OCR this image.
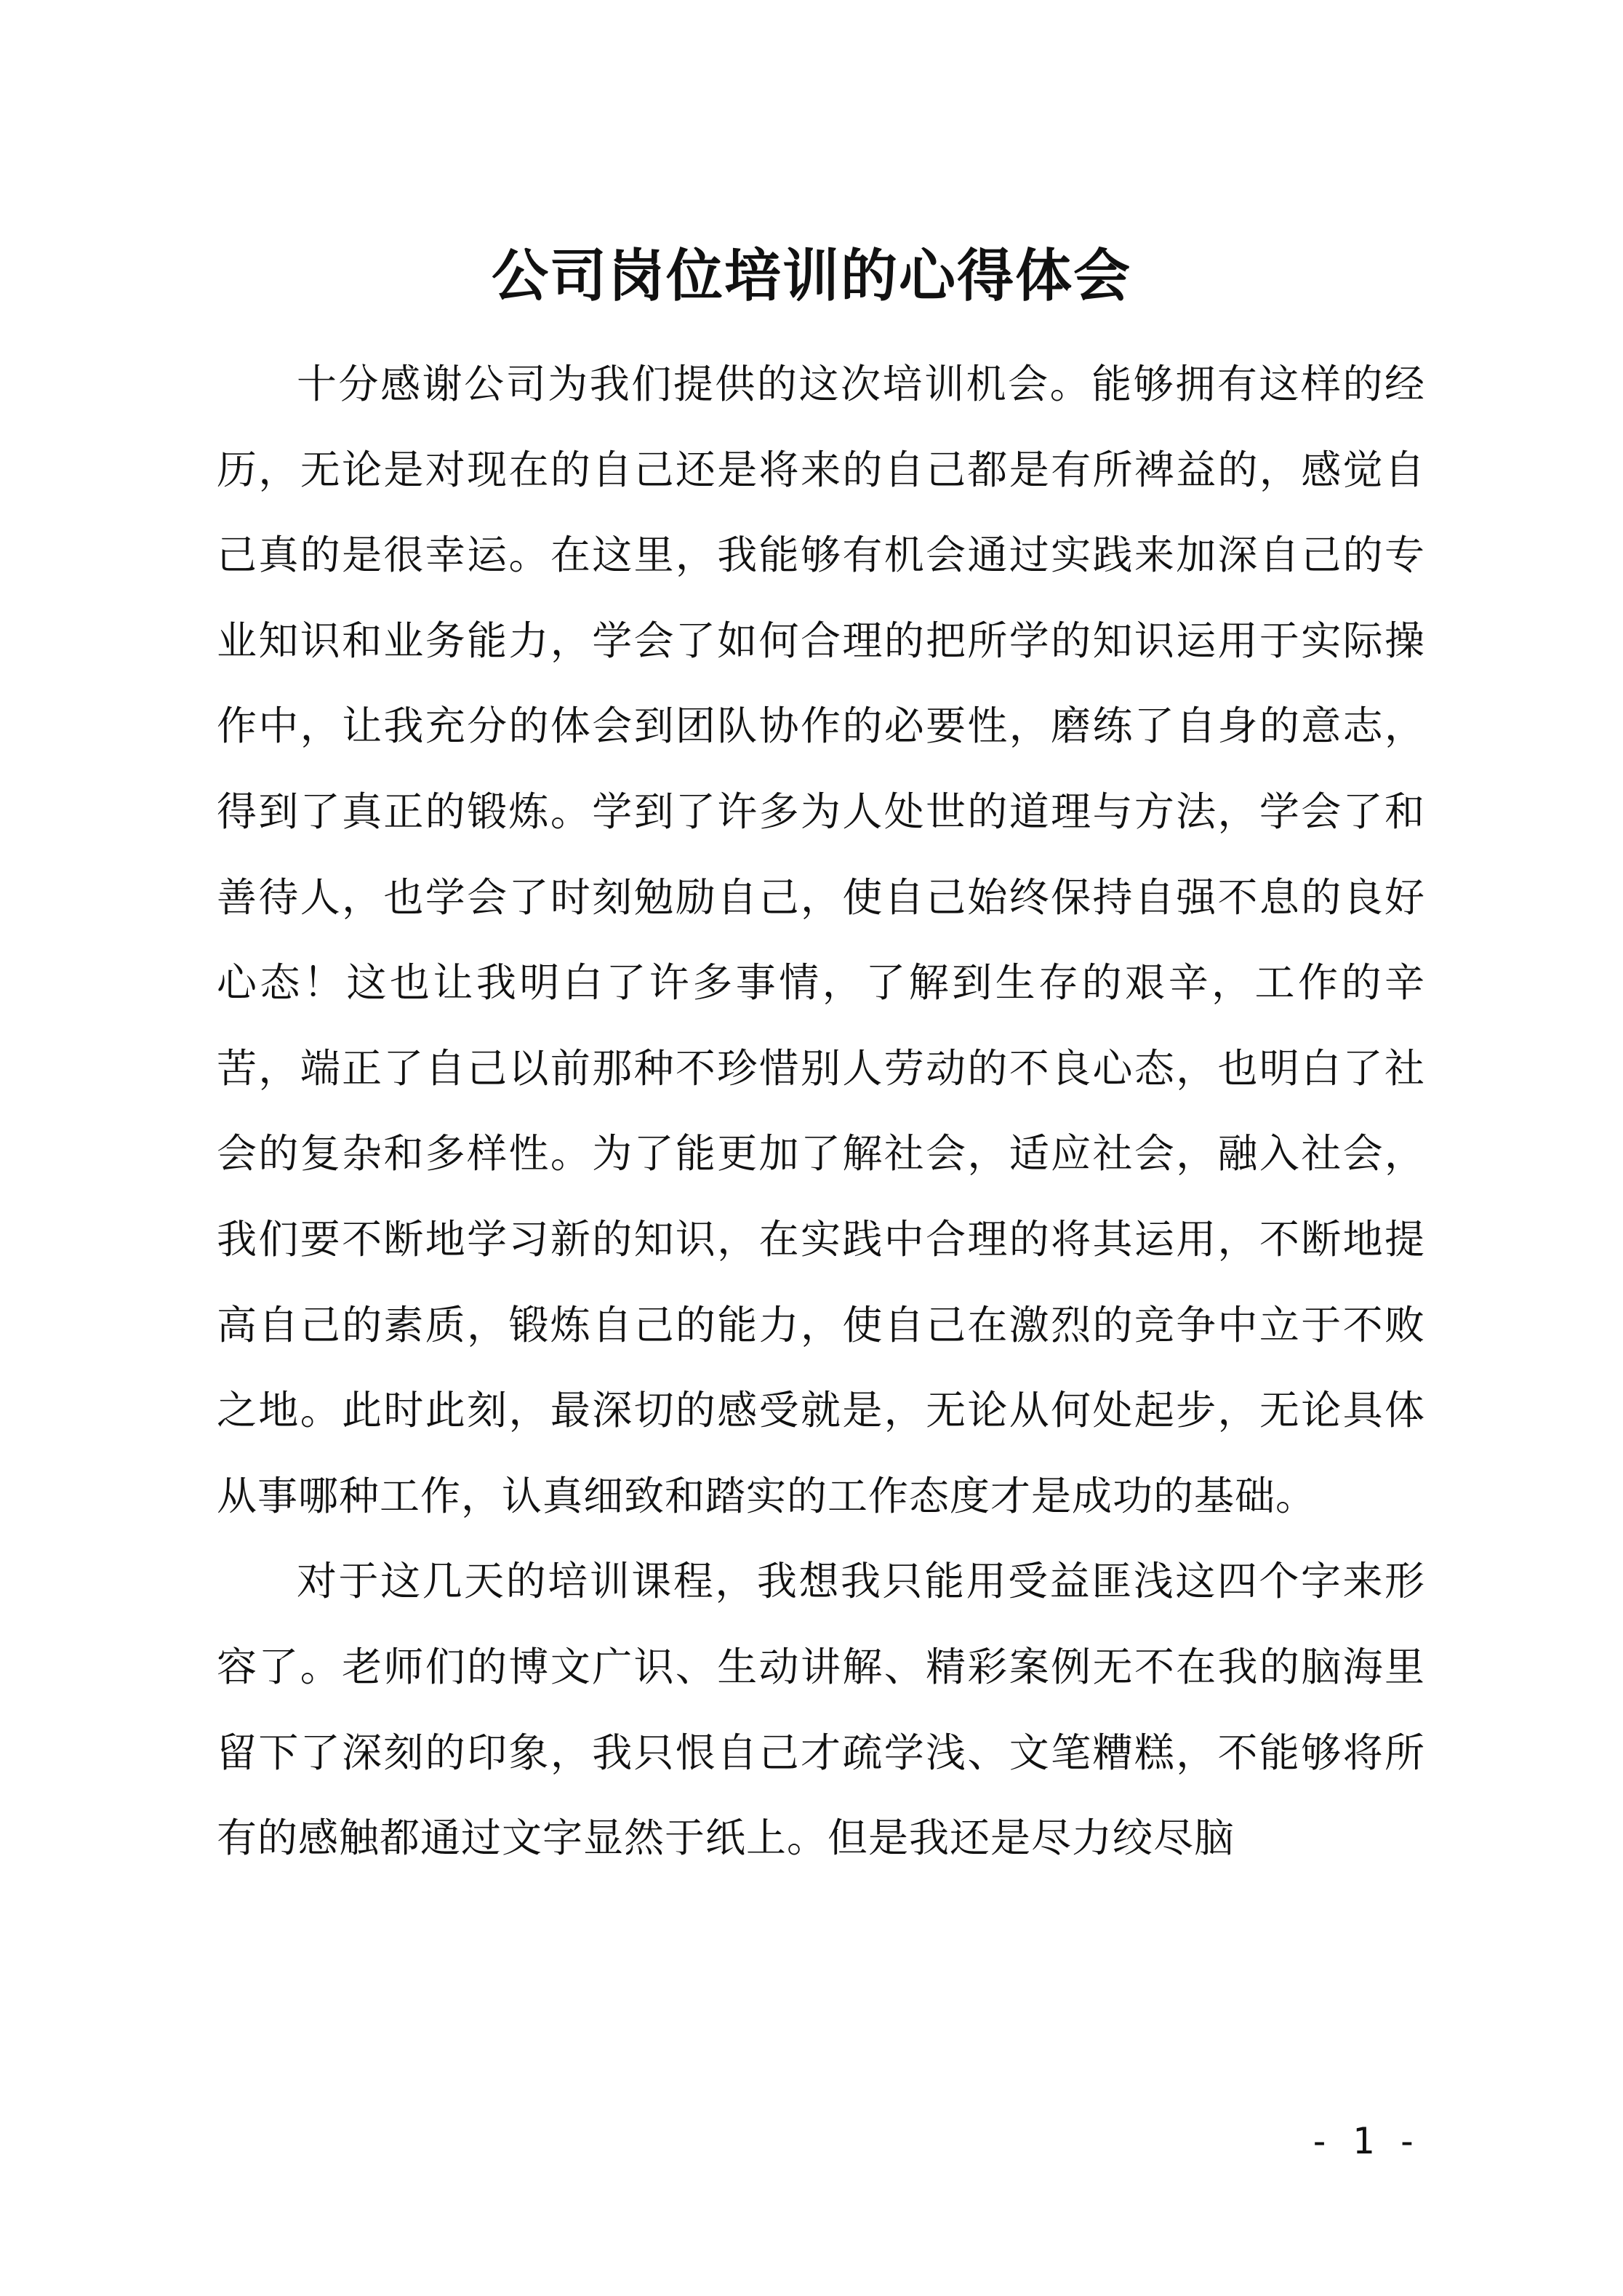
公司岗位培训的心得体会

十分感谢公司为我们提供的这次培训机会。能够拥有这样的经历，无论是对现在的自己还是将来的自己都是有所裨益的，感觉自己真的是很幸运。在这里，我能够有机会通过实践来加深自己的专业知识和业务能力，学会了如何合理的把所学的知识运用于实际操作中，让我充分的体会到团队协作的必要性，磨练了自身的意志，得到了真正的锻炼。学到了许多为人处世的道理与方法，学会了和善待人，也学会了时刻勉励自己，使自己始终保持自强不息的良好心态！这也让我明白了许多事情，了解到生存的艰辛，工作的辛苦，端正了自己以前那种不珍惜别人劳动的不良心态，也明白了社会的复杂和多样性。为了能更加了解社会，适应社会，融入社会，我们要不断地学习新的知识，在实践中合理的将其运用，不断地提高自己的素质，锻炼自己的能力，使自己在激烈的竞争中立于不败之地。此时此刻，最深切的感受就是，无论从何处起步，无论具体从事哪种工作，认真细致和踏实的工作态度才是成功的基础。

对于这几天的培训课程，我想我只能用受益匪浅这四个字来形容了。老师们的博文广识、生动讲解、精彩案例无不在我的脑海里留下了深刻的印象，我只恨自己才疏学浅、文笔糟糕，不能够将所有的感触都通过文字显然于纸上。但是我还是尽力绞尽脑

- 1 -
